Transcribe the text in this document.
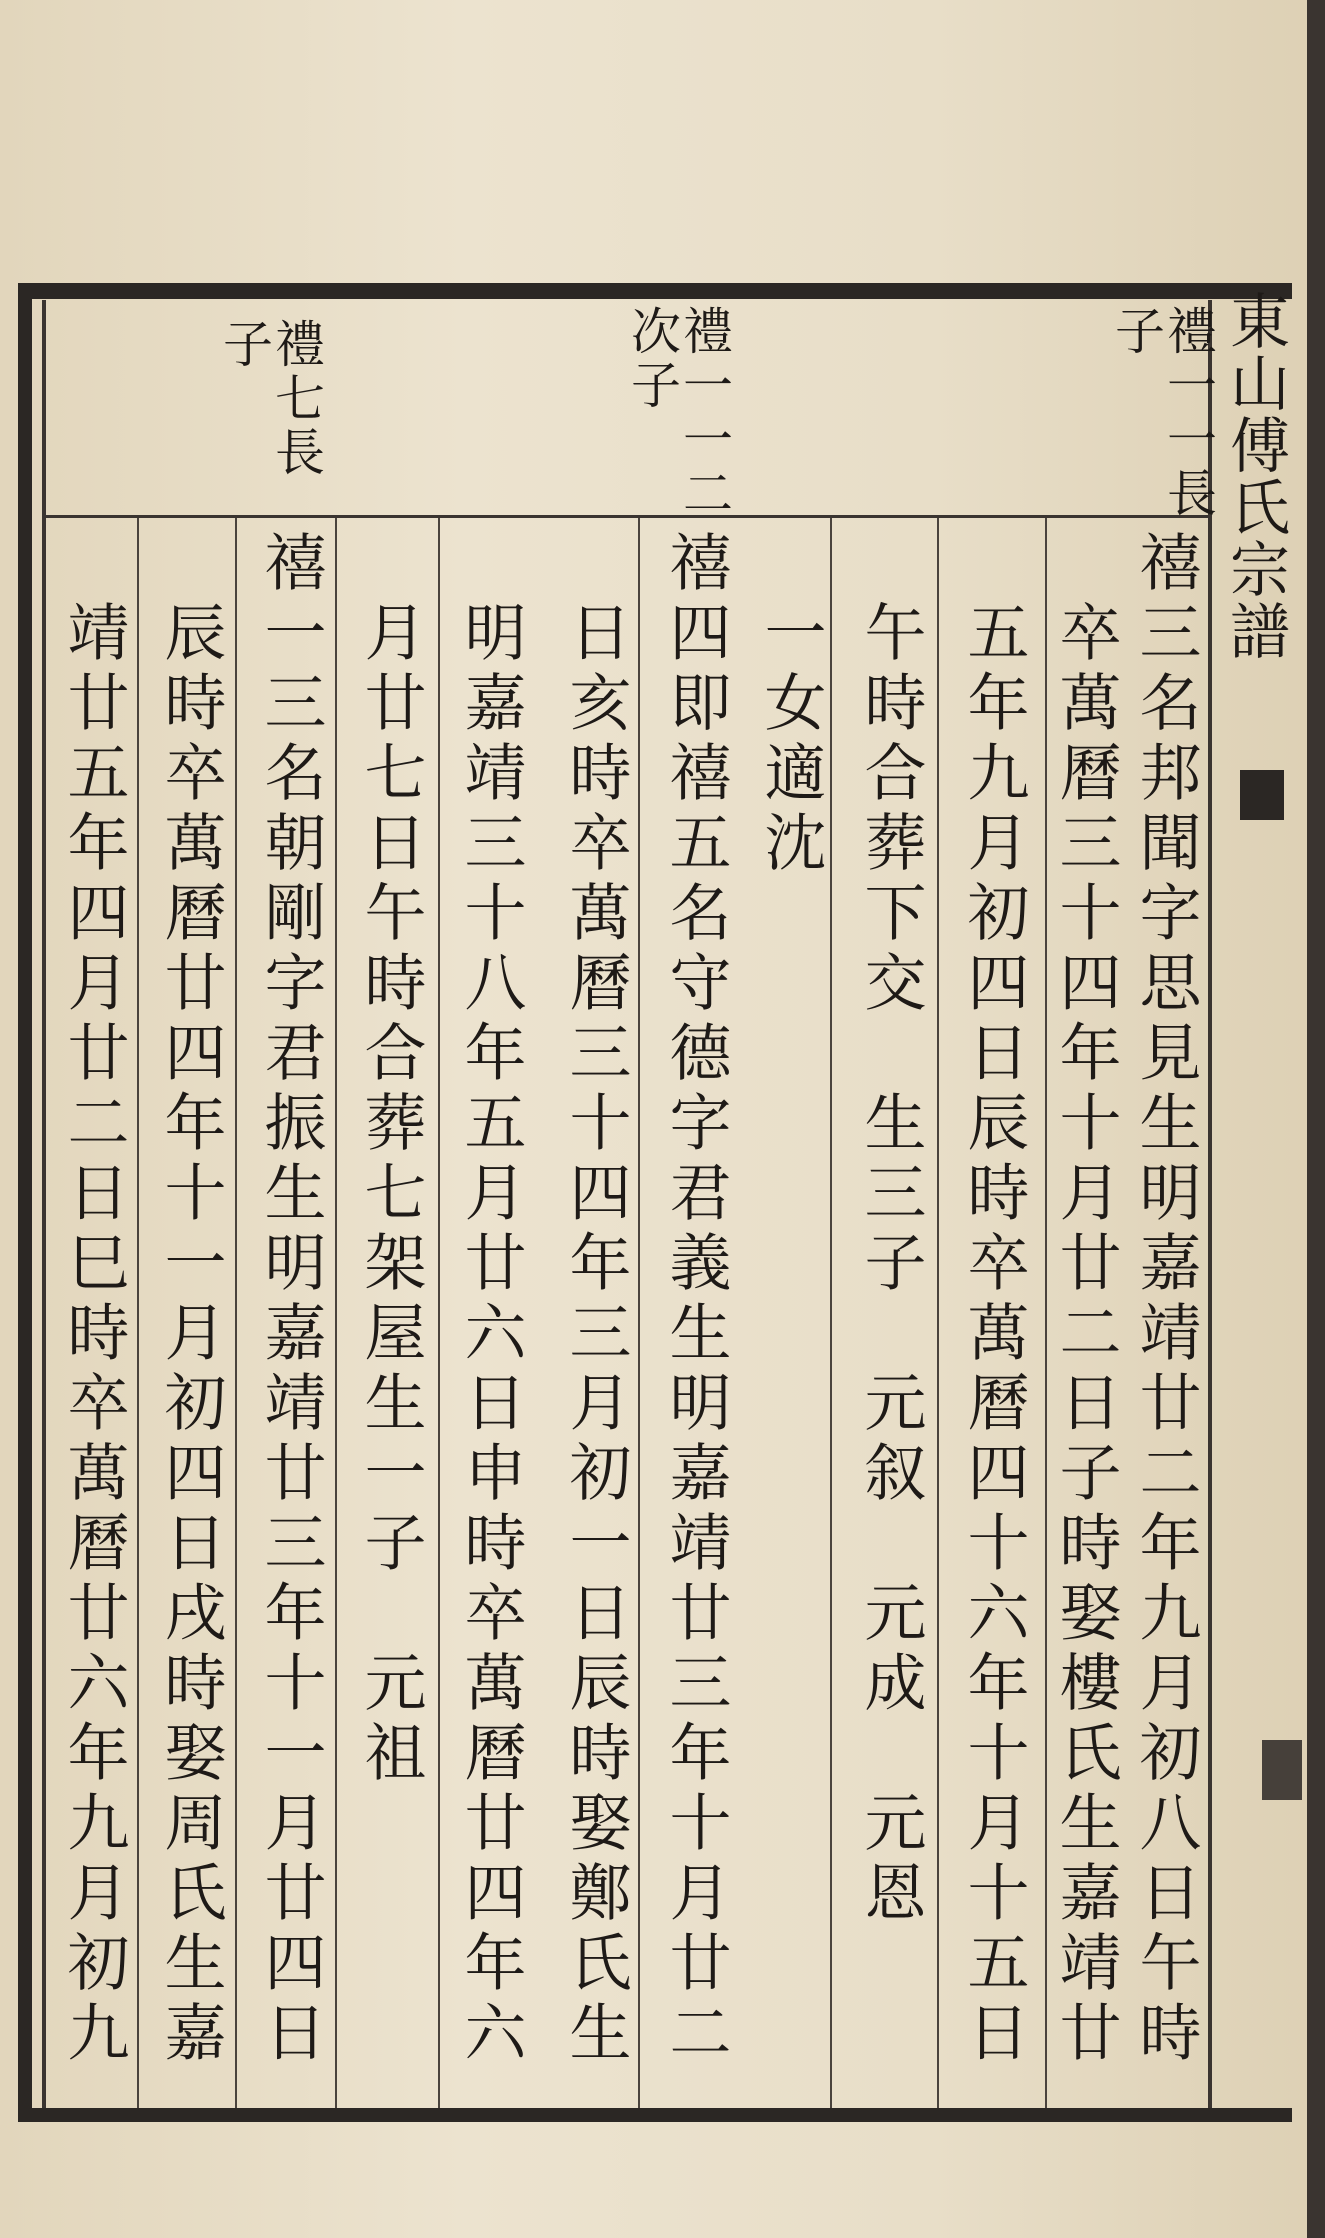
東山傅氏宗譜
禮一一長
子
禮一一二
次子
禮七長
子
禧三名邦聞字思見生明嘉靖廿二年九月初八日午時
卒萬曆三十四年十月廿二日子時娶樓氏生嘉靖廿
五年九月初四日辰時卒萬曆四十六年十月十五日
午時合葬下交　生三子　元叙　元成　元恩
一女適沈
禧四即禧五名守德字君義生明嘉靖廿三年十月廿二
日亥時卒萬曆三十四年三月初一日辰時娶鄭氏生
明嘉靖三十八年五月廿六日申時卒萬曆廿四年六
月廿七日午時合葬七架屋生一子　元祖
禧一三名朝剛字君振生明嘉靖廿三年十一月廿四日
辰時卒萬曆廿四年十一月初四日戌時娶周氏生嘉
靖廿五年四月廿二日巳時卒萬曆廿六年九月初九
